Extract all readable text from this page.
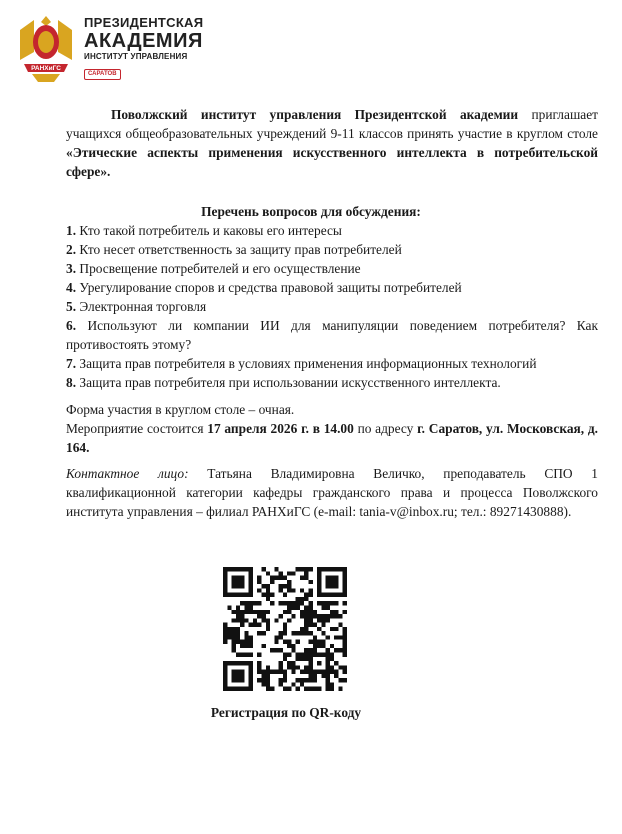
РАНХиГС
ПРЕЗИДЕНТСКАЯ
АКАДЕМИЯ
ИНСТИТУТ УПРАВЛЕНИЯ
САРАТОВ
Поволжский институт управления Президентской академии приглашает учащихся общеобразовательных учреждений 9-11 классов принять участие в круглом столе «Этические аспекты применения искусственного интеллекта в потребительской сфере».
Перечень вопросов для обсуждения:
1. Кто такой потребитель и каковы его интересы
2. Кто несет ответственность за защиту прав потребителей
3. Просвещение потребителей и его осуществление
4. Урегулирование споров и средства правовой защиты потребителей
5. Электронная торговля
6. Используют ли компании ИИ для манипуляции поведением потребителя? Как противостоять этому?
7. Защита прав потребителя в условиях применения информационных технологий
8. Защита прав потребителя при использовании искусственного интеллекта.
Форма участия в круглом столе – очная.
Мероприятие состоится 17 апреля 2026 г. в 14.00 по адресу г. Саратов, ул. Московская, д. 164.
Контактное лицо: Татьяна Владимировна Величко, преподаватель СПО 1 квалификационной категории кафедры гражданского права и процесса Поволжского института управления – филиал РАНХиГС (e-mail: tania-v@inbox.ru; тел.: 89271430888).
Регистрация по QR-коду
